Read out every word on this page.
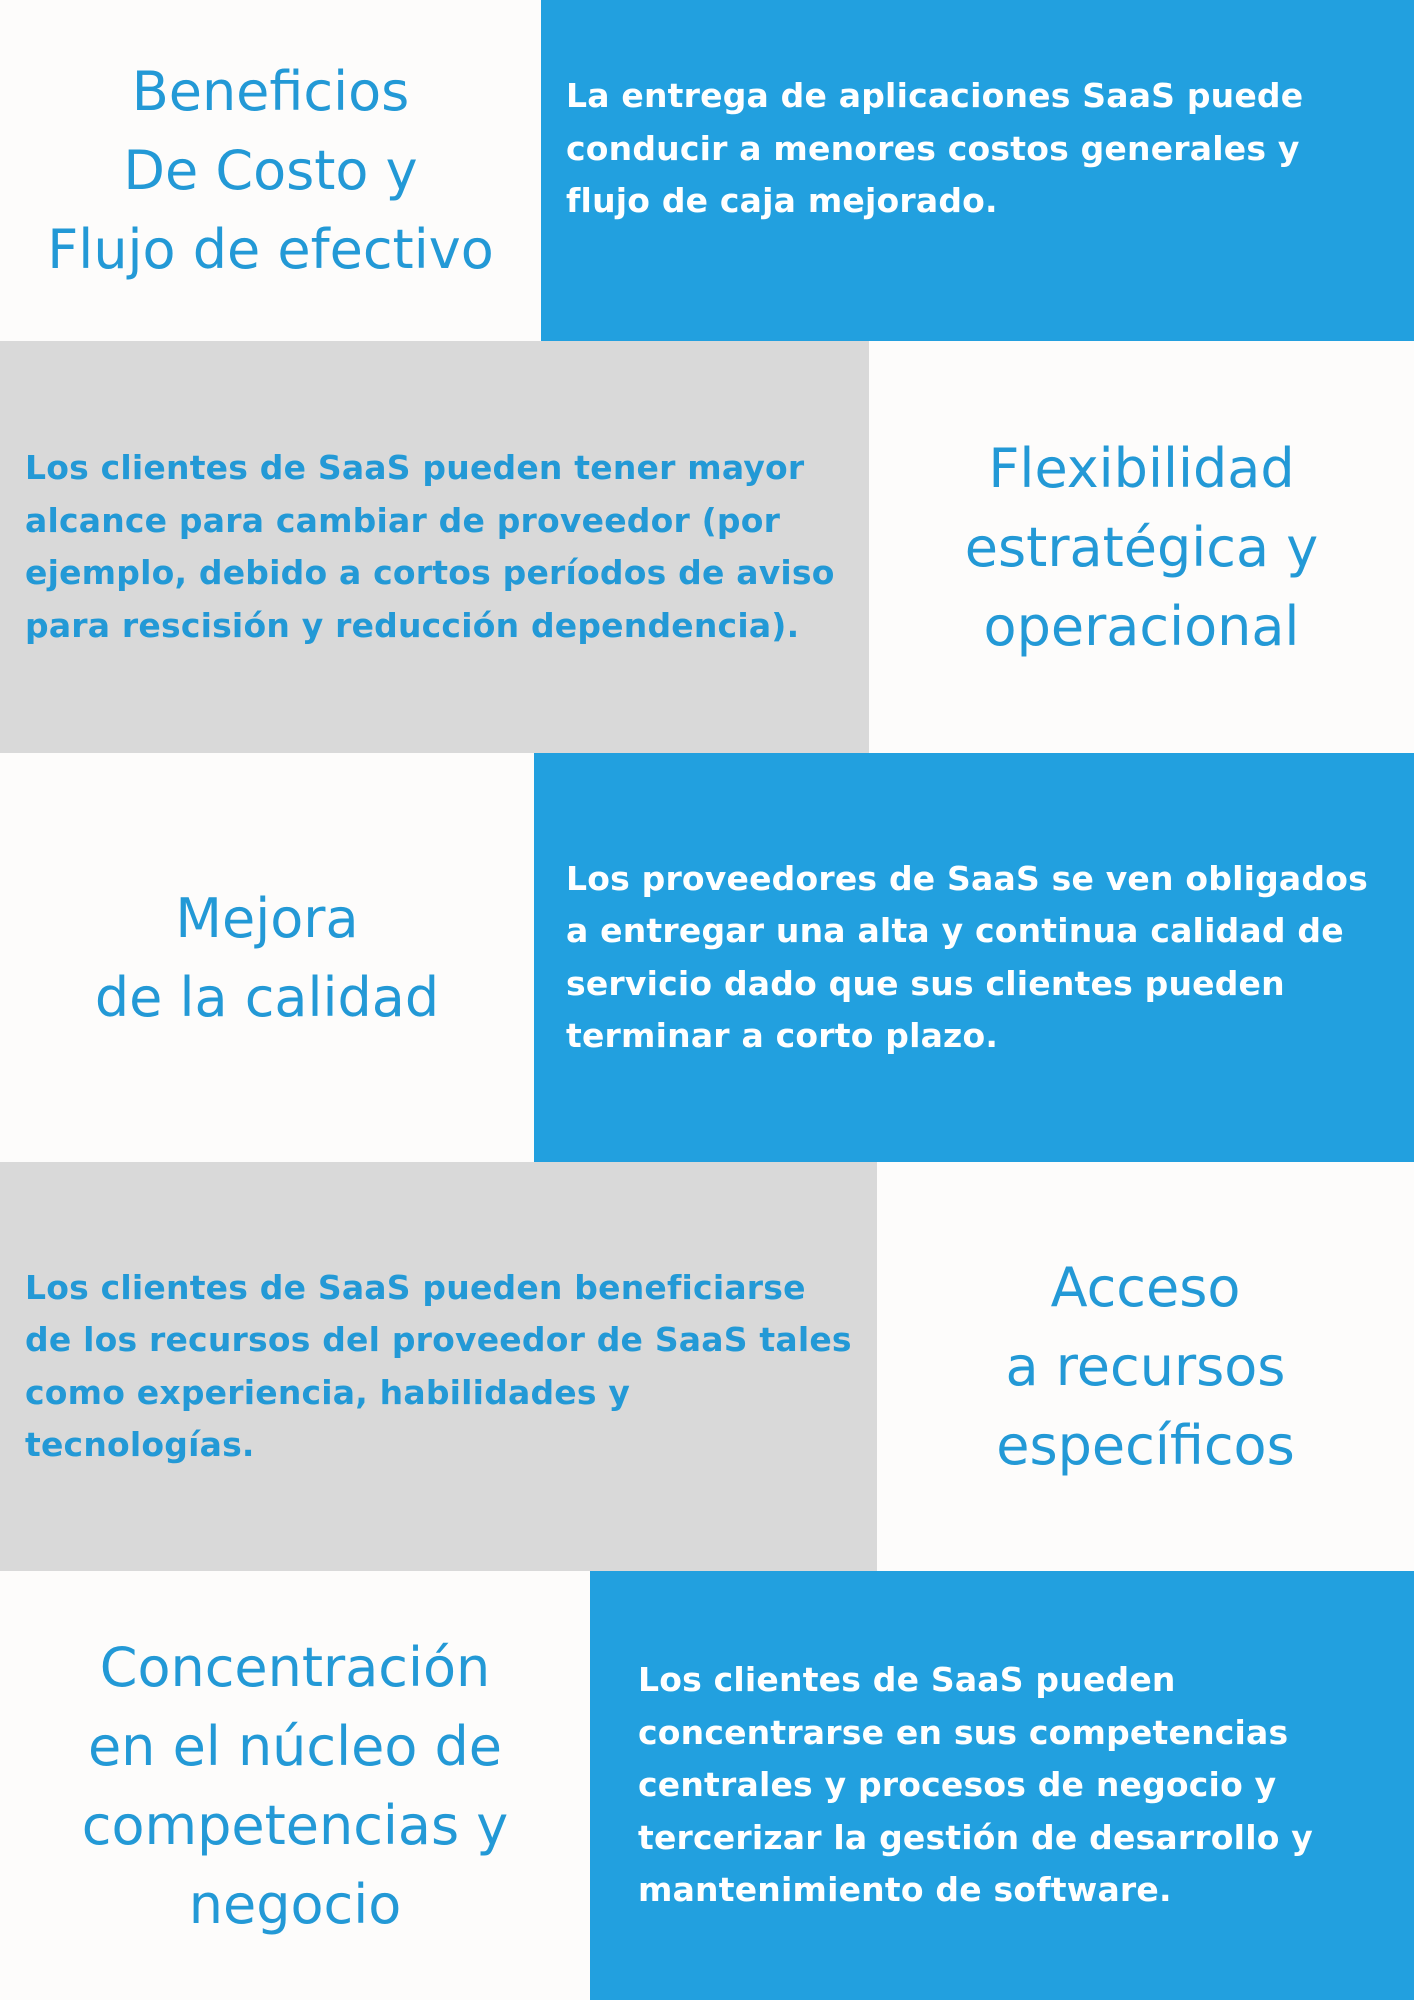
Beneficios
De Costo y
Flujo de efectivo
La entrega de aplicaciones SaaS puede conducir a menores costos generales y flujo de caja mejorado.
Los clientes de SaaS pueden tener mayor alcance para cambiar de proveedor (por ejemplo, debido a cortos períodos de aviso para rescisión y reducción dependencia).
Flexibilidad
estratégica y
operacional
Mejora
de la calidad
Los proveedores de SaaS se ven obligados a entregar una alta y continua calidad de servicio dado que sus clientes pueden terminar a corto plazo.
Los clientes de SaaS pueden beneficiarse de los recursos del proveedor de SaaS tales como experiencia, habilidades y tecnologías.
Acceso
a recursos
específicos
Concentración
en el núcleo de
competencias y
negocio
Los clientes de SaaS pueden concentrarse en sus competencias centrales y procesos de negocio y tercerizar la gestión de desarrollo y mantenimiento de software.
